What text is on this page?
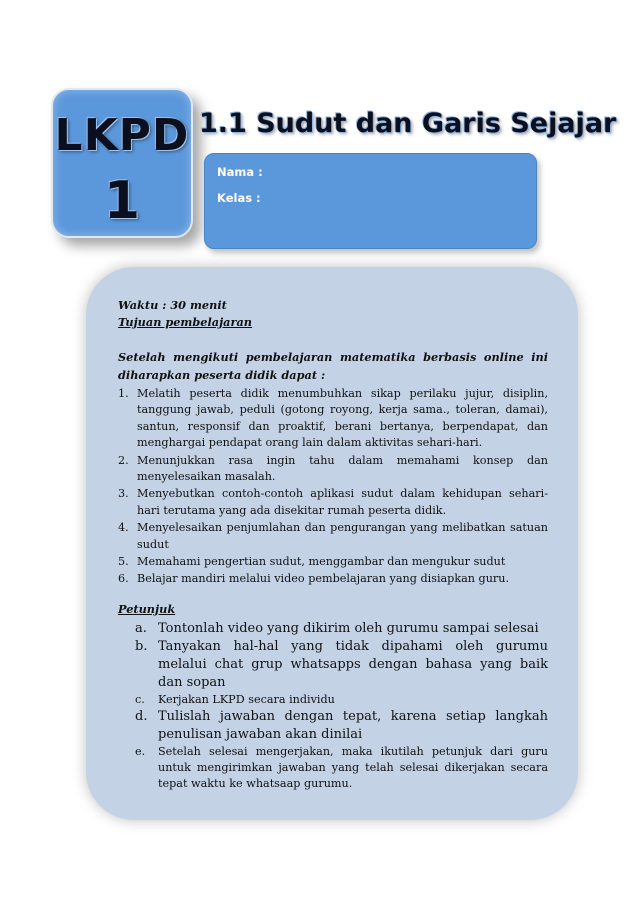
LKPD
1
1.1 Sudut dan Garis Sejajar
Nama :
Kelas :

Waktu : 30 menit

Tujuan pembelajaran

Setelah mengikuti pembelajaran matematika berbasis online ini diharapkan peserta didik dapat :

1. Melatih peserta didik menumbuhkan sikap perilaku jujur, disiplin, tanggung jawab, peduli (gotong royong, kerja sama., toleran, damai), santun, responsif dan proaktif, berani bertanya, berpendapat, dan menghargai pendapat orang lain dalam aktivitas sehari-hari.
2. Menunjukkan rasa ingin tahu dalam memahami konsep dan menyelesaikan masalah.
3. Menyebutkan contoh-contoh aplikasi sudut dalam kehidupan sehari-hari terutama yang ada disekitar rumah peserta didik.
4. Menyelesaikan penjumlahan dan pengurangan yang melibatkan satuan sudut
5. Memahami pengertian sudut, menggambar dan mengukur sudut
6. Belajar mandiri melalui video pembelajaran yang disiapkan guru.

Petunjuk

a. Tontonlah video yang dikirim oleh gurumu sampai selesai
b. Tanyakan hal-hal yang tidak dipahami oleh gurumu melalui chat grup whatsapps dengan bahasa yang baik dan sopan
c. Kerjakan LKPD secara individu
d. Tulislah jawaban dengan tepat, karena setiap langkah penulisan jawaban akan dinilai
e. Setelah selesai mengerjakan, maka ikutilah petunjuk dari guru untuk mengirimkan jawaban yang telah selesai dikerjakan secara tepat waktu ke whatsaap gurumu.
